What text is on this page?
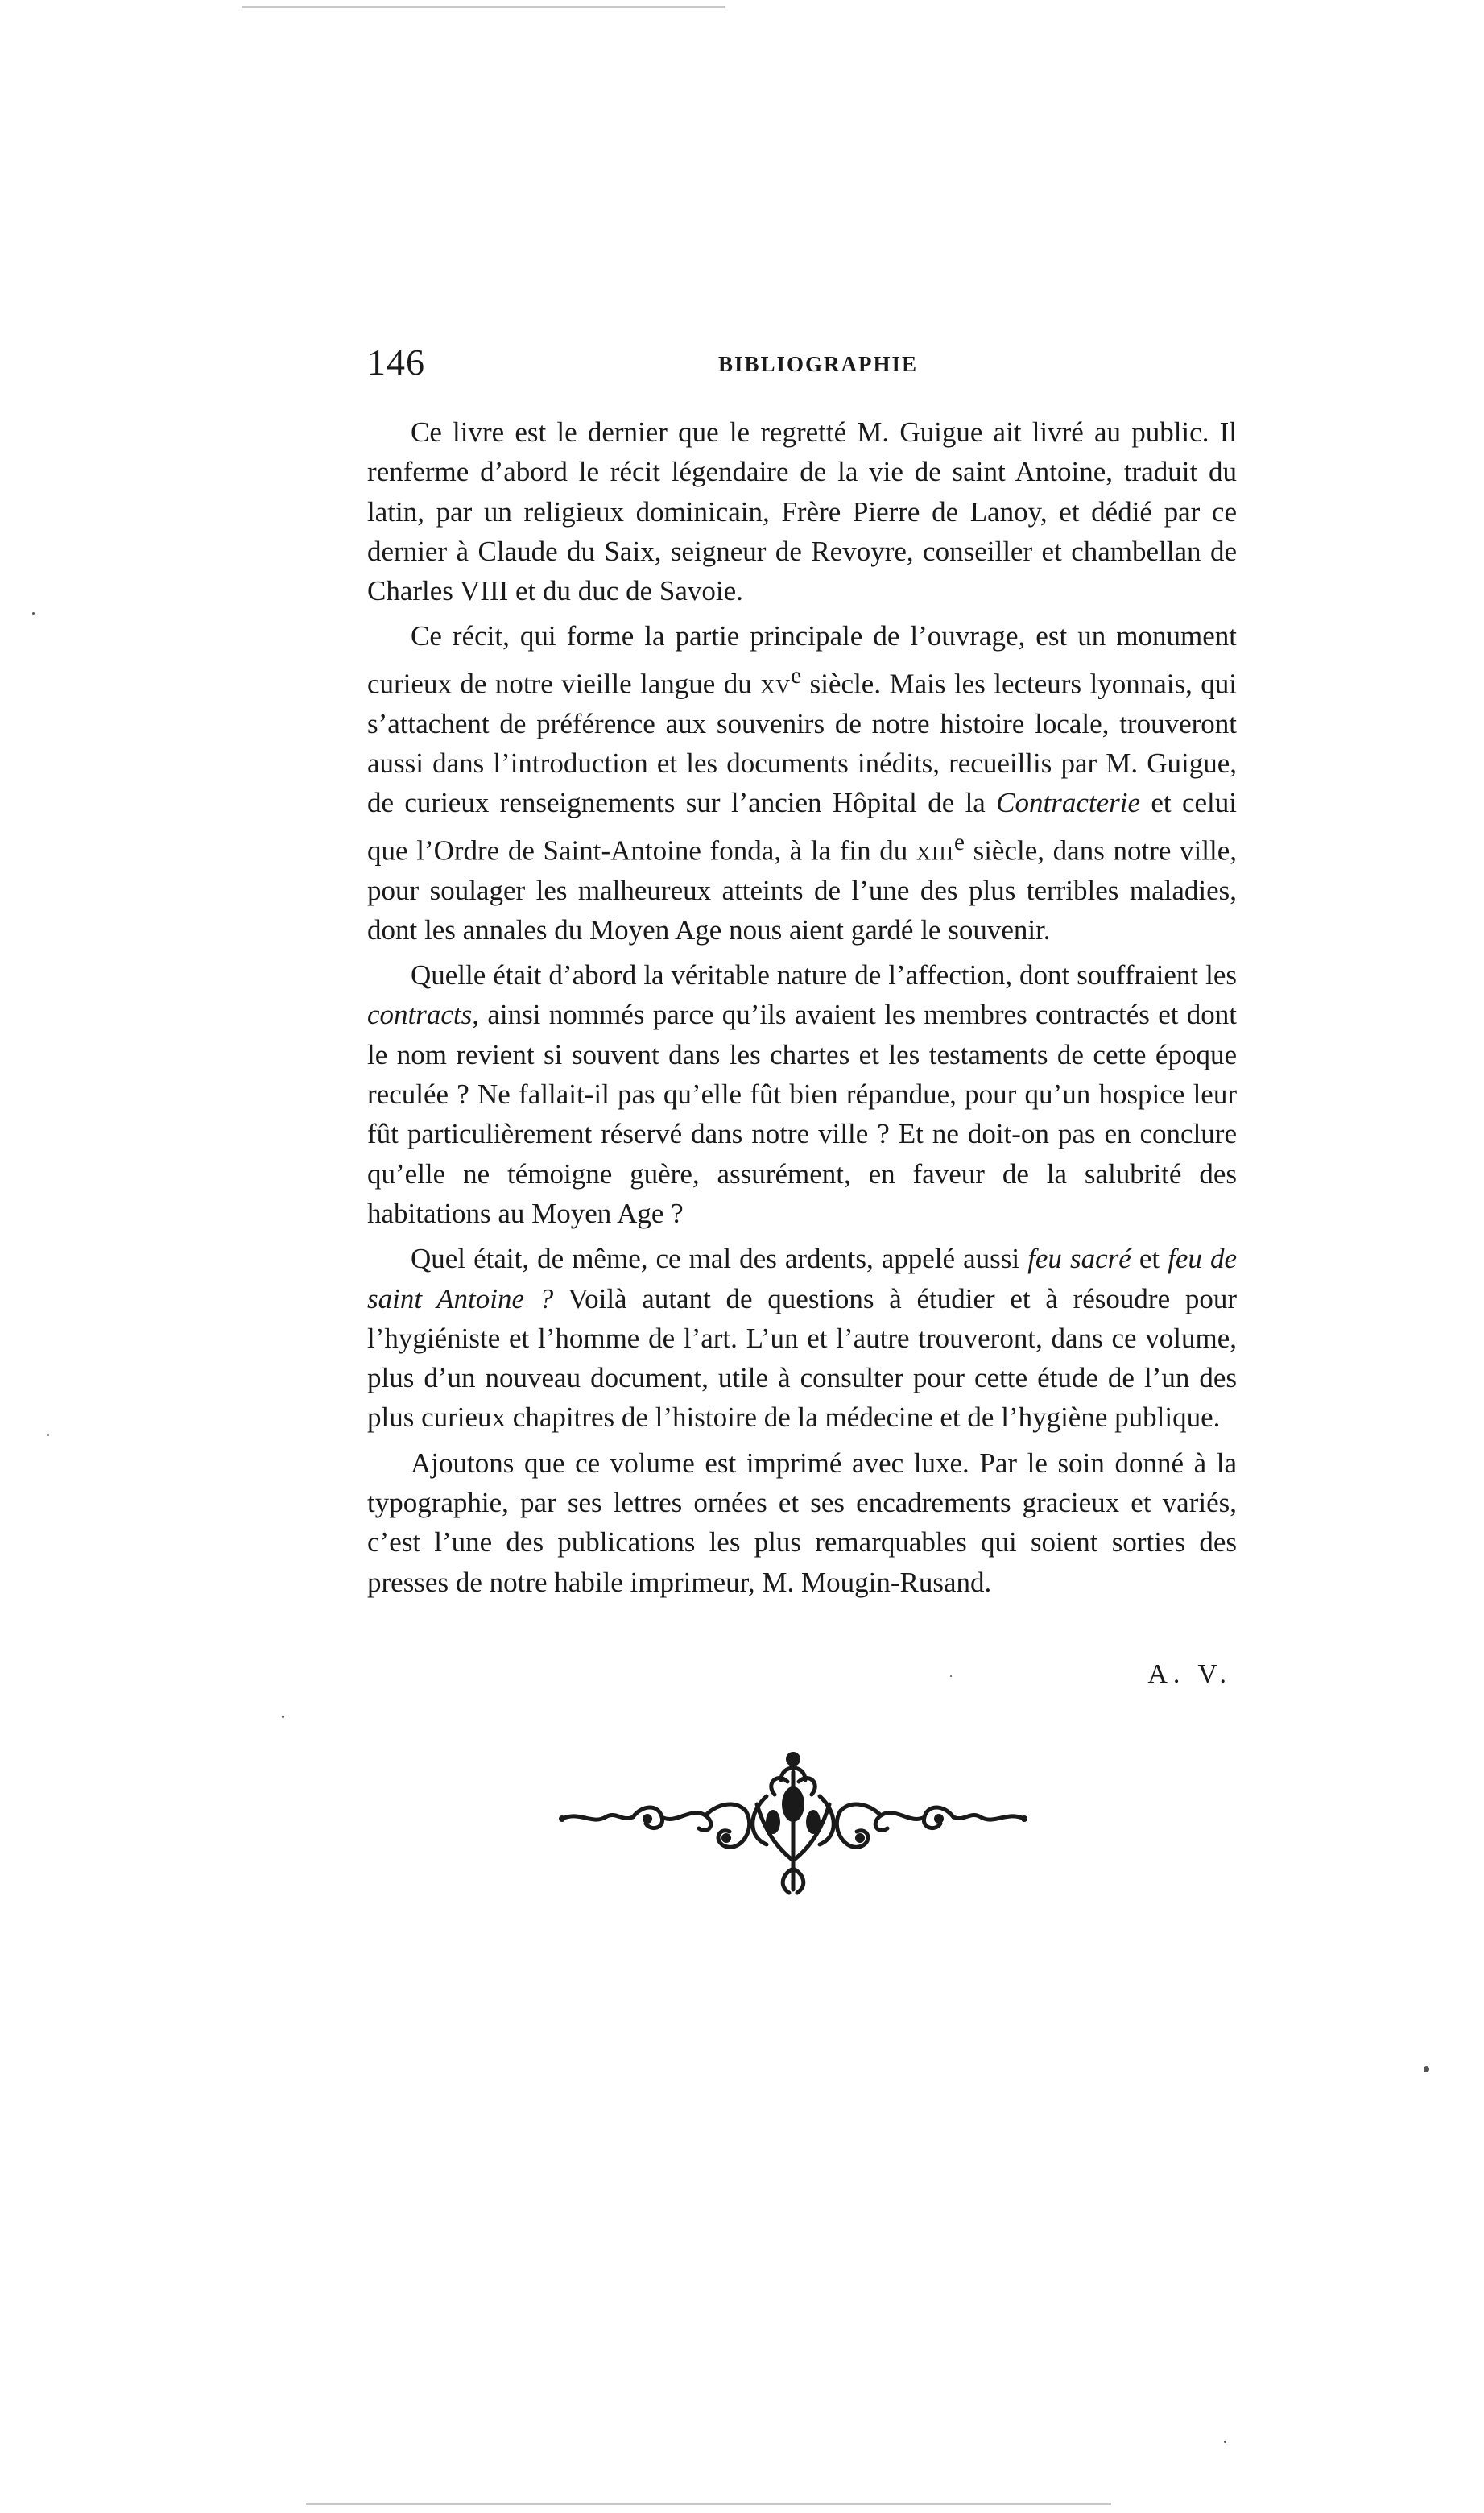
146	BIBLIOGRAPHIE

Ce livre est le dernier que le regretté M. Guigue ait livré au public. Il renferme d’abord le récit légendaire de la vie de saint Antoine, traduit du latin, par un religieux dominicain, Frère Pierre de Lanoy, et dédié par ce dernier à Claude du Saix, seigneur de Revoyre, conseiller et chambellan de Charles VIII et du duc de Savoie.

Ce récit, qui forme la partie principale de l’ouvrage, est un monument curieux de notre vieille langue du $xv^e$ siècle. Mais les lecteurs lyonnais, qui s’attachent de préférence aux souvenirs de notre histoire locale, trouveront aussi dans l’introduction et les documents inédits, recueillis par M. Guigue, de curieux renseignements sur l’ancien Hôpital de la Contracterie et celui que l’Ordre de Saint-Antoine fonda, à la fin du xiii$^e$ siècle, dans notre ville, pour soulager les malheureux atteints de l’une des plus terribles maladies, dont les annales du Moyen Age nous aient gardé le souvenir.

Quelle était d’abord la véritable nature de l’affection, dont souffraient les contracts, ainsi nommés parce qu’ils avaient les membres contractés et dont le nom revient si souvent dans les chartes et les testaments de cette époque reculée ? Ne fallait-il pas qu’elle fût bien répandue, pour qu’un hospice leur fût particulièrement réservé dans notre ville ? Et ne doit-on pas en conclure qu’elle ne témoigne guère, assurément, en faveur de la salubrité des habitations au Moyen Age ?

Quel était, de même, ce mal des ardents, appelé aussi feu sacré et feu de saint Antoine ? Voilà autant de questions à étudier et à résoudre pour l’hygiéniste et l’homme de l’art. L’un et l’autre trouveront, dans ce volume, plus d’un nouveau document, utile à consulter pour cette étude de l’un des plus curieux chapitres de l’histoire de la médecine et de l’hygiène publique.

Ajoutons que ce volume est imprimé avec luxe. Par le soin donné à la typographie, par ses lettres ornées et ses encadrements gracieux et variés, c’est l’une des publications les plus remarquables qui soient sorties des presses de notre habile imprimeur, M. Mougin-Rusand.

A. V.
